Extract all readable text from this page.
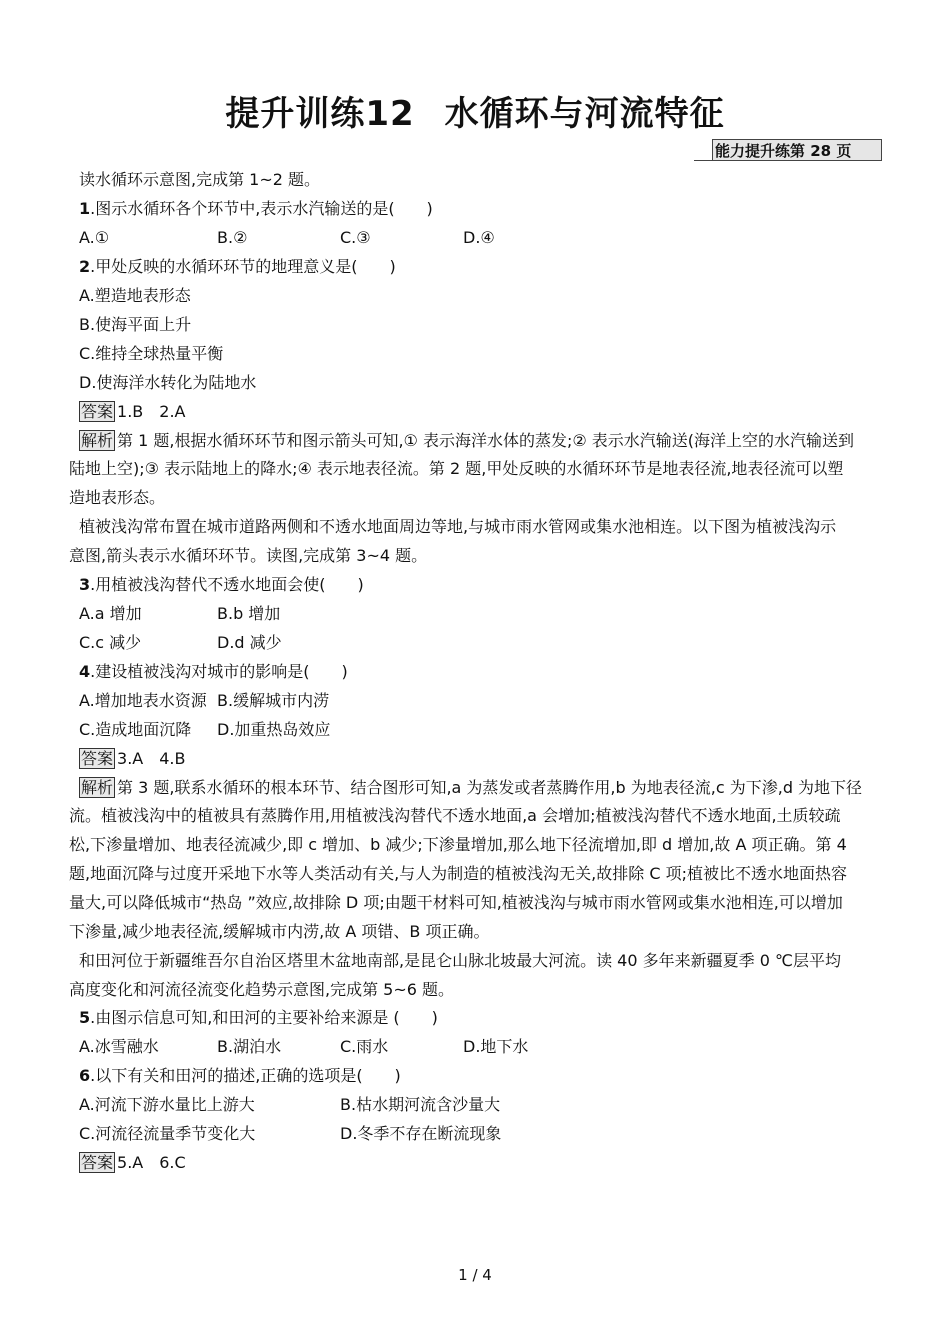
提升训练12 水循环与河流特征
能力提升练第 28 页
读水循环示意图,完成第 1~2 题。
1.图示水循环各个环节中,表示水汽输送的是(　　)
A.①	B.②	C.③	D.④
2.甲处反映的水循环环节的地理意义是(　　)
A.塑造地表形态
B.使海平面上升
C.维持全球热量平衡
D.使海洋水转化为陆地水
答案 1.B　2.A
解析 第 1 题,根据水循环环节和图示箭头可知,① 表示海洋水体的蒸发;② 表示水汽输送(海洋上空的水汽输送到
陆地上空);③ 表示陆地上的降水;④ 表示地表径流。第 2 题,甲处反映的水循环环节是地表径流,地表径流可以塑
造地表形态。
植被浅沟常布置在城市道路两侧和不透水地面周边等地,与城市雨水管网或集水池相连。以下图为植被浅沟示
意图,箭头表示水循环环节。读图,完成第 3~4 题。
3.用植被浅沟替代不透水地面会使(　　)
A.a 增加	B.b 增加
C.c 减少	D.d 减少
4.建设植被浅沟对城市的影响是(　　)
A.增加地表水资源 B.缓解城市内涝
C.造成地面沉降 D.加重热岛效应
答案 3.A　4.B
解析 第 3 题,联系水循环的根本环节、结合图形可知,a 为蒸发或者蒸腾作用,b 为地表径流,c 为下渗,d 为地下径
流。植被浅沟中的植被具有蒸腾作用,用植被浅沟替代不透水地面,a 会增加;植被浅沟替代不透水地面,土质较疏
松,下渗量增加、地表径流减少,即 c 增加、b 减少;下渗量增加,那么地下径流增加,即 d 增加,故 A 项正确。第 4
题,地面沉降与过度开采地下水等人类活动有关,与人为制造的植被浅沟无关,故排除 C 项;植被比不透水地面热容
量大,可以降低城市“热岛 ”效应,故排除 D 项;由题干材料可知,植被浅沟与城市雨水管网或集水池相连,可以增加
下渗量,减少地表径流,缓解城市内涝,故 A 项错、B 项正确。
和田河位于新疆维吾尔自治区塔里木盆地南部,是昆仑山脉北坡最大河流。读 40 多年来新疆夏季 0 ℃层平均
高度变化和河流径流变化趋势示意图,完成第 5~6 题。
5.由图示信息可知,和田河的主要补给来源是 (　　)
A.冰雪融水	B.湖泊水	C.雨水	D.地下水
6.以下有关和田河的描述,正确的选项是(　　)
A.河流下游水量比上游大	B.枯水期河流含沙量大
C.河流径流量季节变化大	D.冬季不存在断流现象
答案 5.A　6.C
1 / 4
